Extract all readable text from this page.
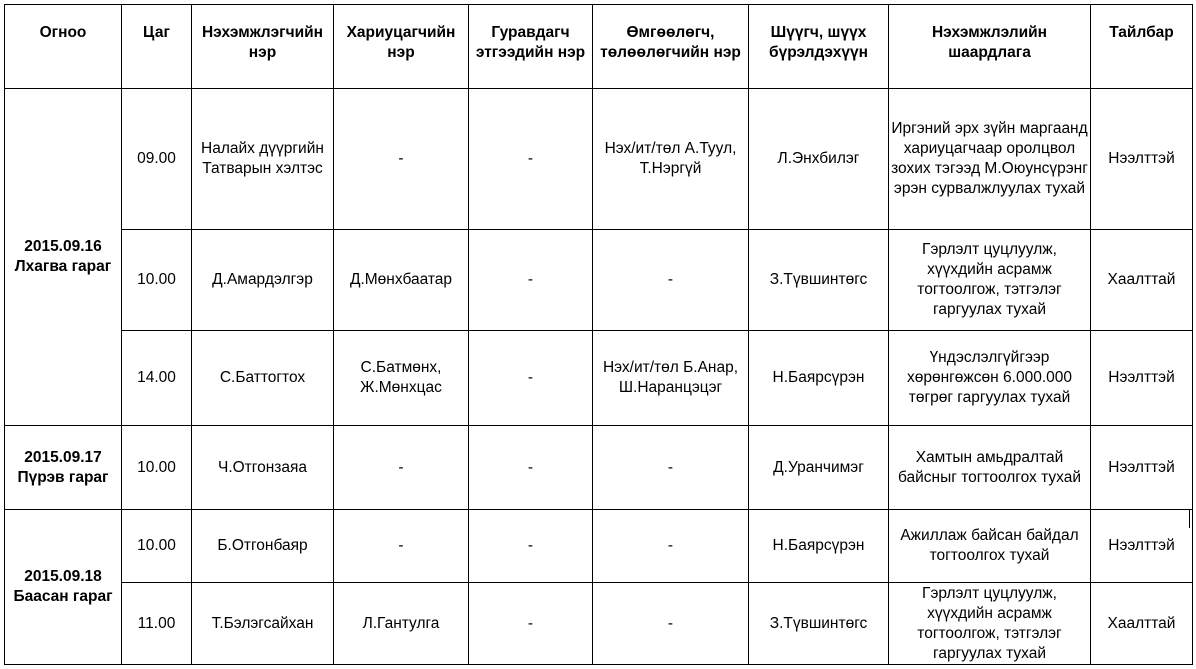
Огноо	Цаг	Нэхэмжлэгчийн нэр	Хариуцагчийн нэр	Гуравдагч этгээдийн нэр	Өмгөөлөгч, төлөөлөгчийн нэр	Шүүгч, шүүх бүрэлдэхүүн	Нэхэмжлэлийн шаардлага	Тайлбар
2015.09.16 Лхагва гараг	09.00	Налайх дүүргийн Татварын хэлтэс	-	-	Нэх/ит/төл А.Туул, Т.Нэргүй	Л.Энхбилэг	Иргэний эрх зүйн маргаанд хариуцагчаар оролцвол зохих тэгээд М.Оюунсүрэнг эрэн сурвалжлуулах тухай	Нээлттэй
	10.00	Д.Амардэлгэр	Д.Мөнхбаатар	-	-	З.Түвшинтөгс	Гэрлэлт цуцлуулж, хүүхдийн асрамж тогтоолгож, тэтгэлэг гаргуулах тухай	Хаалттай
	14.00	С.Баттогтох	С.Батмөнх, Ж.Мөнхцас	-	Нэх/ит/төл Б.Анар, Ш.Наранцэцэг	Н.Баярсүрэн	Үндэслэлгүйгээр хөрөнгөжсөн 6.000.000 төгрөг гаргуулах тухай	Нээлттэй
2015.09.17 Пүрэв гараг	10.00	Ч.Отгонзаяа	-	-	-	Д.Уранчимэг	Хамтын амьдралтай байсныг тогтоолгох тухай	Нээлттэй
2015.09.18 Баасан гараг	10.00	Б.Отгонбаяр	-	-	-	Н.Баярсүрэн	Ажиллаж байсан байдал тогтоолгох тухай	Нээлттэй
	11.00	Т.Бэлэгсайхан	Л.Гантулга	-	-	З.Түвшинтөгс	Гэрлэлт цуцлуулж, хүүхдийн асрамж тогтоолгож, тэтгэлэг гаргуулах тухай	Хаалттай
